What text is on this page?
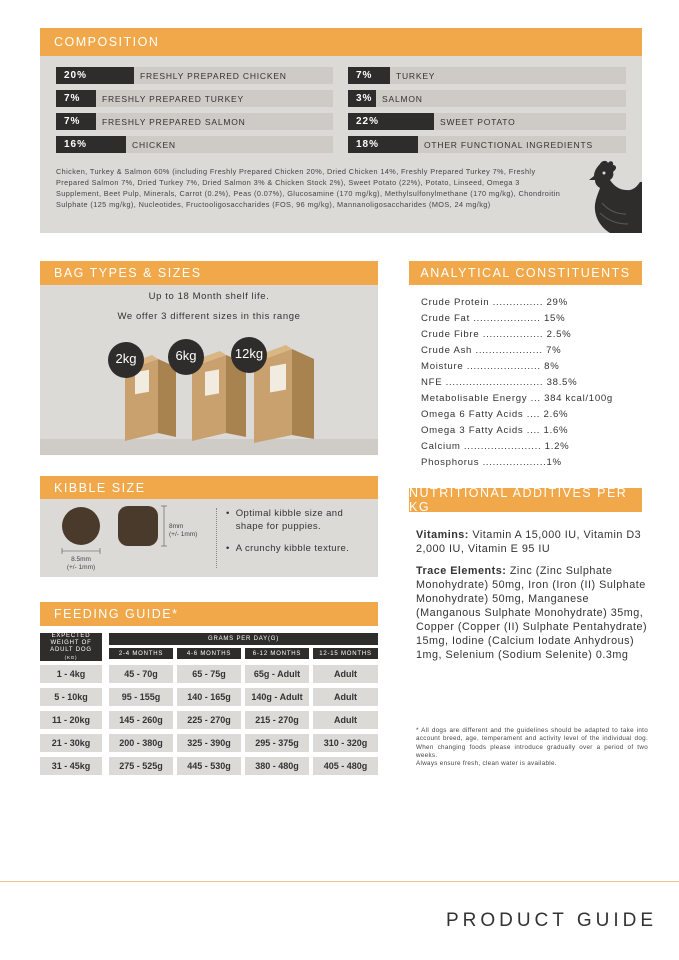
COMPOSITION
20%	FRESHLY PREPARED CHICKEN
7%	FRESHLY PREPARED TURKEY
7%	FRESHLY PREPARED SALMON
16%	CHICKEN
7%	TURKEY
3%	SALMON
22%	SWEET POTATO
18%	OTHER FUNCTIONAL INGREDIENTS
Chicken, Turkey & Salmon 60% (including Freshly Prepared Chicken 20%, Dried Chicken 14%, Freshly Prepared Turkey 7%, Freshly Prepared Salmon 7%, Dried Turkey 7%, Dried Salmon 3% & Chicken Stock 2%), Sweet Potato (22%), Potato, Linseed, Omega 3 Supplement, Beet Pulp, Minerals, Carrot (0.2%), Peas (0.07%), Glucosamine (170 mg/kg), Methylsulfonylmethane (170 mg/kg), Chondroitin Sulphate (125 mg/kg), Nucleotides, Fructooligosaccharides (FOS, 96 mg/kg), Mannanoligosaccharides (MOS, 24 mg/kg)
BAG TYPES & SIZES
Up to 18 Month shelf life.
We offer 3 different sizes in this range
2kg	6kg	12kg
KIBBLE SIZE
8mm
(+/- 1mm)
8.5mm
(+/- 1mm)
• Optimal kibble size and shape for puppies.
• A crunchy kibble texture.
FEEDING GUIDE*
EXPECTED WEIGHT OF ADULT DOG
(KG)
GRAMS PER DAY(G)
2-4 MONTHS	4-6 MONTHS	6-12 MONTHS	12-15 MONTHS
1 - 4kg	45 - 70g	65 - 75g	65g - Adult	Adult
5 - 10kg	95 - 155g	140 - 165g	140g - Adult	Adult
11 - 20kg	145 - 260g	225 - 270g	215 - 270g	Adult
21 - 30kg	200 - 380g	325 - 390g	295 - 375g	310 - 320g
31 - 45kg	275 - 525g	445 - 530g	380 - 480g	405 - 480g
ANALYTICAL CONSTITUENTS
Crude Protein ............... 29%
Crude Fat .................... 15%
Crude Fibre .................. 2.5%
Crude Ash .................... 7%
Moisture ...................... 8%
NFE ............................. 38.5%
Metabolisable Energy ... 384 kcal/100g
Omega 6 Fatty Acids .... 2.6%
Omega 3 Fatty Acids .... 1.6%
Calcium ....................... 1.2%
Phosphorus ...................1%
NUTRITIONAL ADDITIVES PER KG

Vitamins: Vitamin A 15,000 IU, Vitamin D3 2,000 IU, Vitamin E 95 IU

Trace Elements: Zinc (Zinc Sulphate Monohydrate) 50mg, Iron (Iron (II) Sulphate Monohydrate) 50mg, Manganese (Manganous Sulphate Monohydrate) 35mg, Copper (Copper (II) Sulphate Pentahydrate) 15mg, Iodine (Calcium Iodate Anhydrous) 1mg, Selenium (Sodium Selenite) 0.3mg

* All dogs are different and the guidelines should be adapted to take into account breed, age, temperament and activity level of the individual dog. When changing foods please introduce gradually over a period of two weeks.

Always ensure fresh, clean water is available.

PRODUCT GUIDE
